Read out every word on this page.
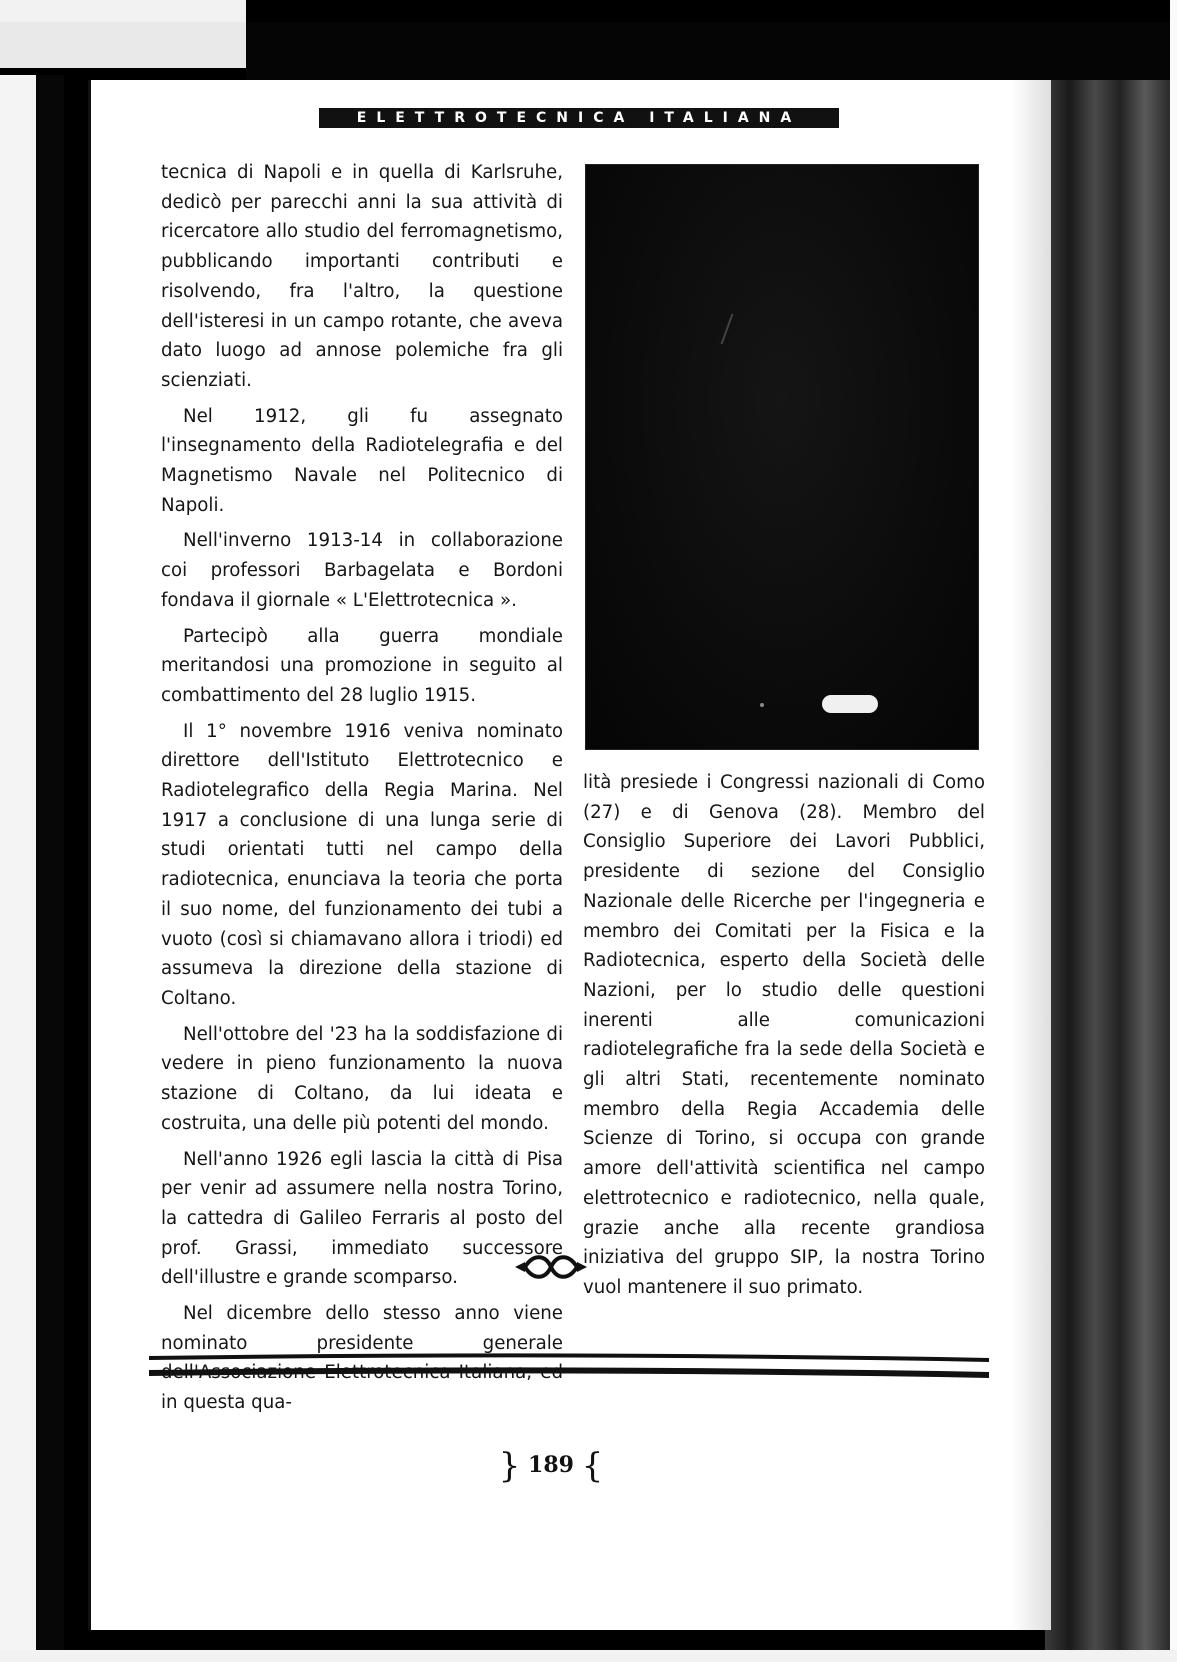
ELETTROTECNICA ITALIANA

tecnica di Napoli e in quella di Karlsruhe, dedicò per parecchi anni la sua attività di ricercatore allo studio del ferromagnetismo, pubblicando importanti contributi e risolvendo, fra l'altro, la questione dell'isteresi in un campo rotante, che aveva dato luogo ad annose polemiche fra gli scienziati.

Nel 1912, gli fu assegnato l'insegnamento della Radiotelegrafia e del Magnetismo Navale nel Politecnico di Napoli.

Nell'inverno 1913-14 in collaborazione coi professori Barbagelata e Bordoni fondava il giornale « L'Elettrotecnica ».

Partecipò alla guerra mondiale meritandosi una promozione in seguito al combattimento del 28 luglio 1915.

Il 1° novembre 1916 veniva nominato direttore dell'Istituto Elettrotecnico e Radiotelegrafico della Regia Marina. Nel 1917 a conclusione di una lunga serie di studi orientati tutti nel campo della radiotecnica, enunciava la teoria che porta il suo nome, del funzionamento dei tubi a vuoto (così si chiamavano allora i triodi) ed assumeva la direzione della stazione di Coltano.

Nell'ottobre del '23 ha la soddisfazione di vedere in pieno funzionamento la nuova stazione di Coltano, da lui ideata e costruita, una delle più potenti del mondo.

Nell'anno 1926 egli lascia la città di Pisa per venir ad assumere nella nostra Torino, la cattedra di Galileo Ferraris al posto del prof. Grassi, immediato successore dell'illustre e grande scomparso.

Nel dicembre dello stesso anno viene nominato presidente generale in questa qua-

lità presiede i Congressi nazionali di Como (27) e di Genova (28). Membro del Consiglio Superiore dei Lavori Pubblici, presidente di sezione del Consiglio Nazionale delle Ricerche per l'ingegneria e membro dei Comitati per la Fisica e la Radiotecnica, esperto della Società delle Nazioni, per lo studio delle questioni inerenti alle comunicazioni radiotelegrafiche fra la sede della Società e gli altri Stati, recentemente nominato membro della Regia Accademia delle Scienze di Torino, si occupa con grande amore dell'attività scientifica nel campo elettrotecnico e radiotecnico, nella quale, grazie anche alla recente grandiosa iniziativa del gruppo SIP, la nostra Torino vuol mantenere il suo primato.

} 189 {
